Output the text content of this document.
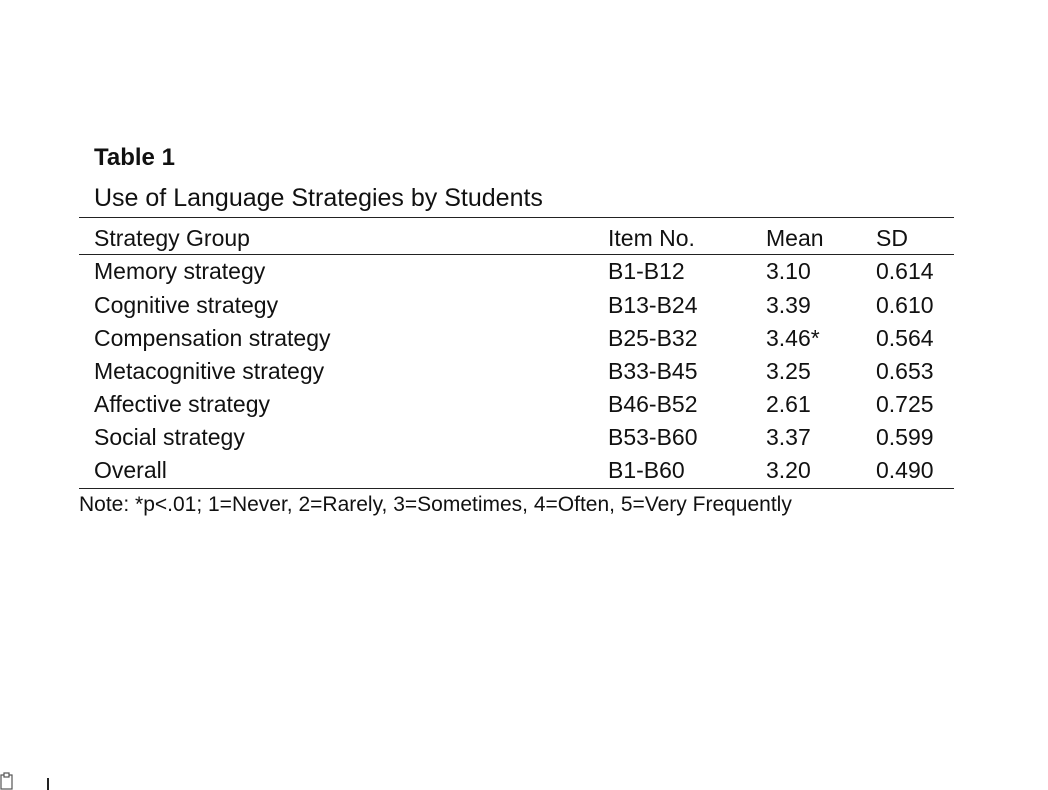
Table 1
Use of Language Strategies by Students
Strategy Group	Item No.	Mean SD
Memory strategy	B1-B12	3.10	0.614
Cognitive strategy	B13-B24	3.39	0.610
Compensation strategy	B25-B32	3.46* 0.564
Metacognitive strategy	B33-B45	3.25	0.653
Affective strategy	B46-B52	2.61	0.725
Social strategy	B53-B60	3.37	0.599
Overall	B1-B60	3.20	0.490
Note: *p<.01; 1=Never, 2=Rarely, 3=Sometimes, 4=Often, 5=Very Frequently
